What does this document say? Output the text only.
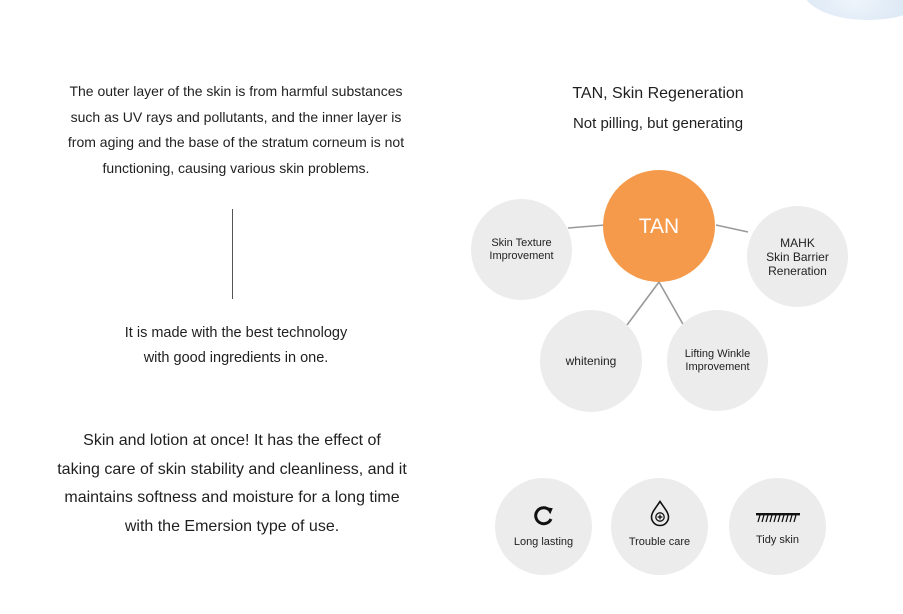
The outer layer of the skin is from harmful substances
such as UV rays and pollutants, and the inner layer is
from aging and the base of the stratum corneum is not
functioning, causing various skin problems.
It is made with the best technology
with good ingredients in one.
Skin and lotion at once! It has the effect of
taking care of skin stability and cleanliness, and it
maintains softness and moisture for a long time
with the Emersion type of use.
TAN, Skin Regeneration
Not pilling, but generating
Skin Texture
Improvement
TAN
MAHK
Skin Barrier
Reneration
whitening	Lifting Winkle
Improvement
Long lasting	Trouble care	Tidy skin
